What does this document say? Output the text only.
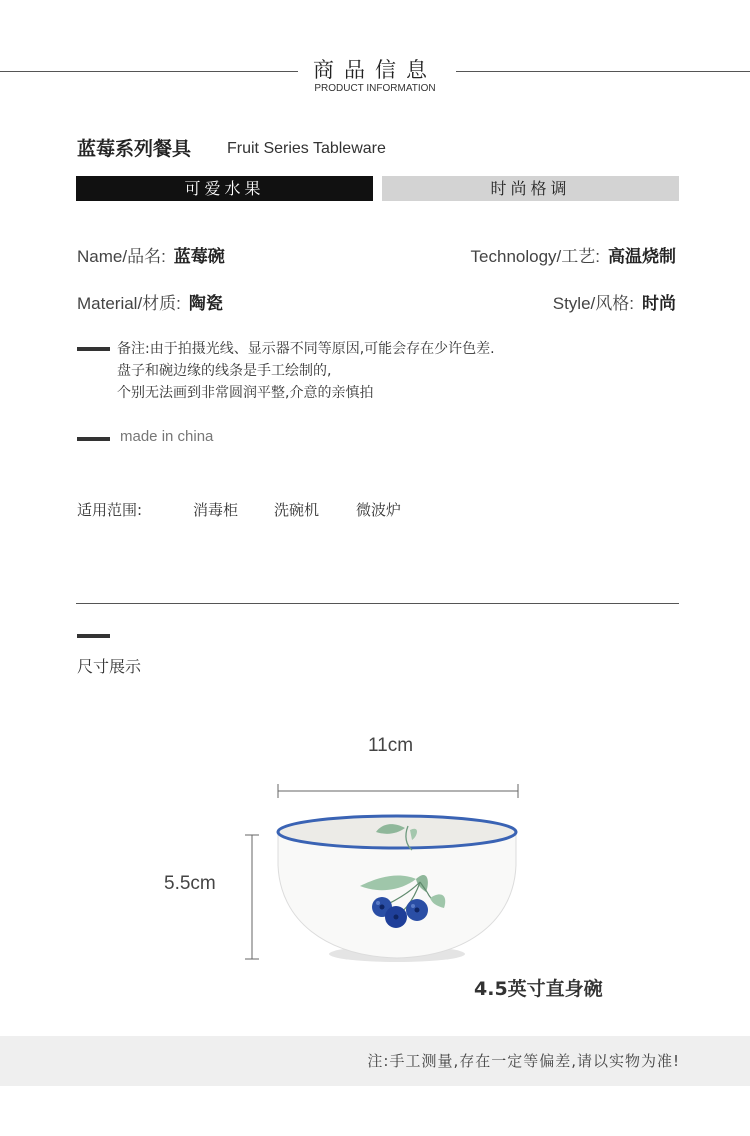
商品信息
PRODUCT INFORMATION
蓝莓系列餐具 Fruit Series Tableware
可爱水果	时尚格调
Name/品名: 蓝莓碗	Technology/工艺: 高温烧制
Material/材质: 陶瓷	Style/风格: 时尚
备注:由于拍摄光线、显示器不同等原因,可能会存在少许色差.
盘子和碗边缘的线条是手工绘制的,
个别无法画到非常圆润平整,介意的亲慎拍
made in china
适用范围:	消毒柜 洗碗机 微波炉
尺寸展示
11cm
5.5cm
4.5英寸直身碗
注:手工测量,存在一定等偏差,请以实物为准!
